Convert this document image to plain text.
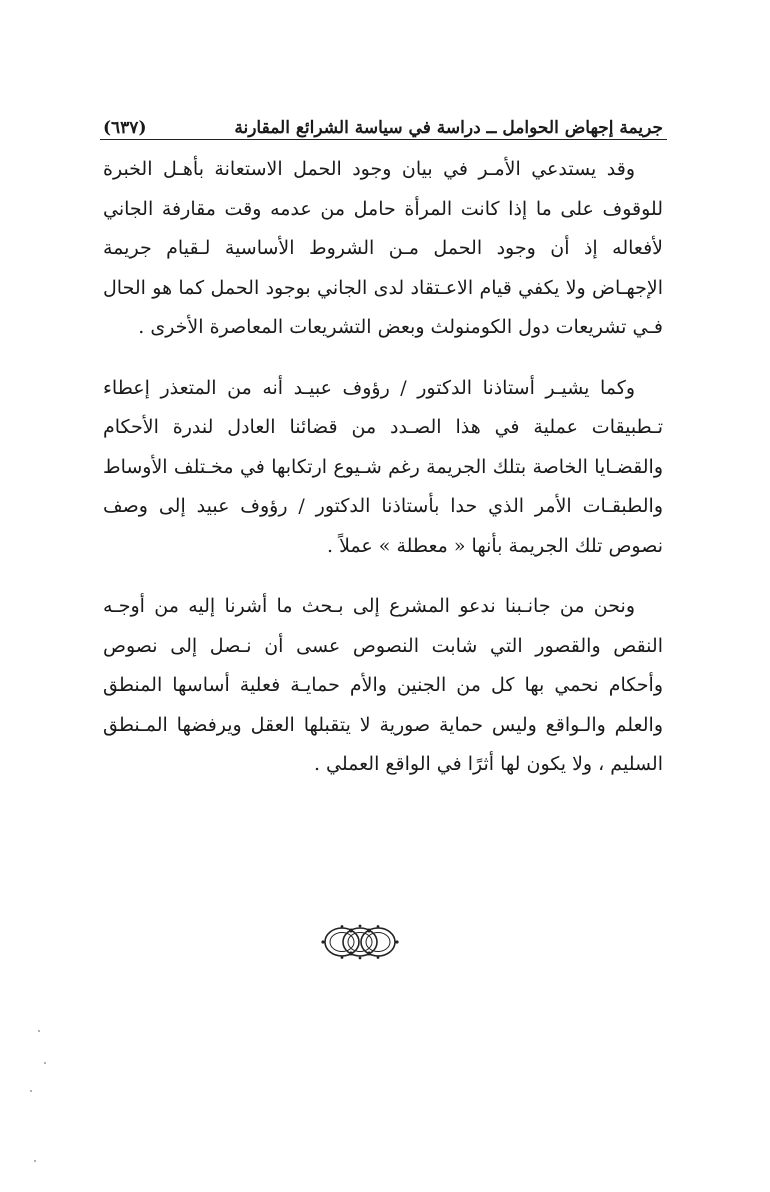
جريمة إجهاض الحوامل ــ دراسة في سياسة الشرائع المقارنة
(٦٣٧)

وقد يستدعي الأمـر في بيان وجود الحمل الاستعانة بأهـل الخبرة للوقوف على ما إذا كانت المرأة حامل من عدمه وقت مقارفة الجاني لأفعاله إذ أن وجود الحمل مـن الشروط الأساسية لـقيام جريمة الإجهـاض ولا يكفي قيام الاعـتقاد لدى الجاني بوجود الحمل كما هو الحال فـي تشريعات دول الكومنولث وبعض التشريعات المعاصرة الأخرى .

وكما يشيـر أستاذنا الدكتور / رؤوف عبيـد أنه من المتعذر إعطاء تـطبيقات عملية في هذا الصـدد من قضائنا العادل لندرة الأحكام والقضـايا الخاصة بتلك الجريمة رغم شـيوع ارتكابها في مخـتلف الأوساط والطبقـات الأمر الذي حدا بأستاذنا الدكتور / رؤوف عبيد إلى وصف نصوص تلك الجريمة بأنها « معطلة » عملاً .

ونحن من جانـبنا ندعو المشرع إلى بـحث ما أشرنا إليه من أوجـه النقص والقصور التي شابت النصوص عسى أن نـصل إلى نصوص وأحكام نحمي بها كل من الجنين والأم حمايـة فعلية أساسها المنطق والعلم والـواقع وليس حماية صورية لا يتقبلها العقل ويرفضها المـنطق السليم ، ولا يكون لها أثرًا في الواقع العملي .
